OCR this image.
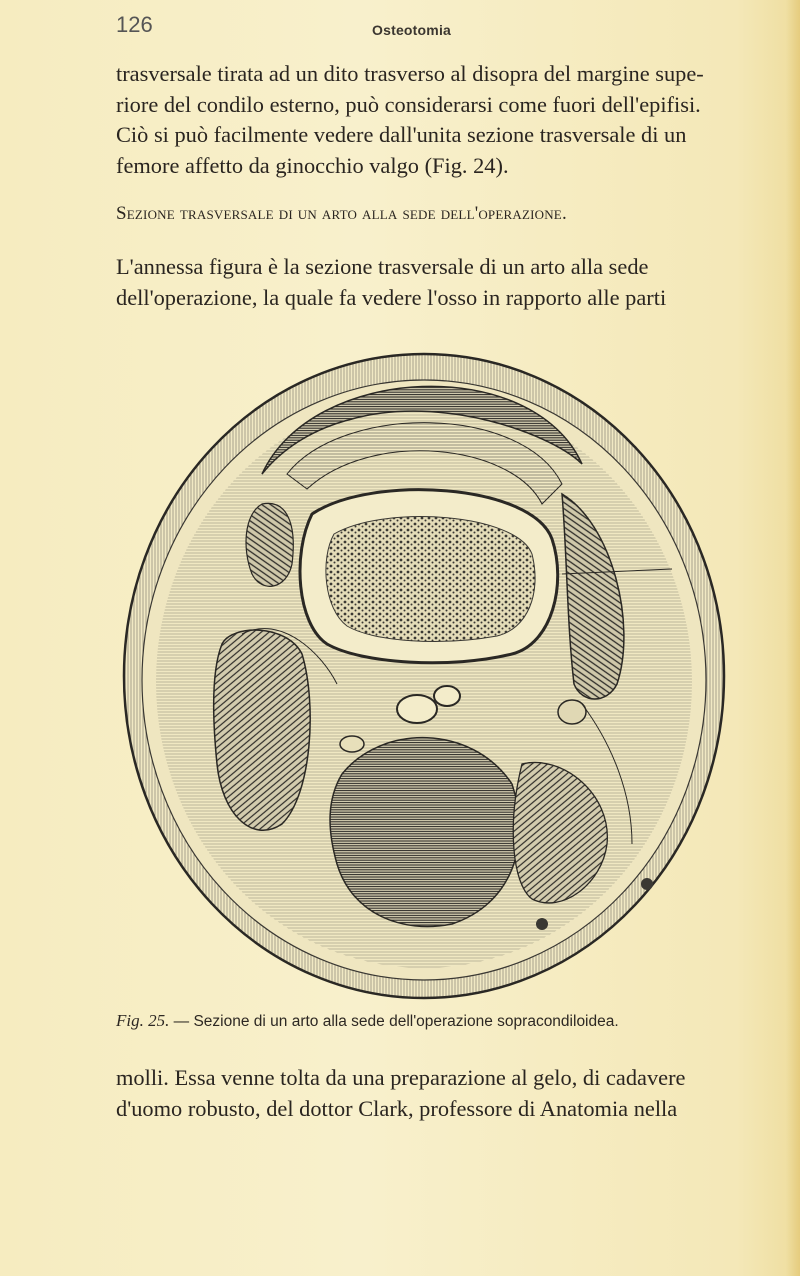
126	Osteotomia

trasversale tirata ad un dito trasverso al disopra del margine supe-
riore del condilo esterno, può considerarsi come fuori dell'epifisi.
Ciò si può facilmente vedere dall'unita sezione trasversale di un
femore affetto da ginocchio valgo (Fig. 24).

Sezione trasversale di un arto alla sede dell'operazione.

L'annessa figura è la sezione trasversale di un arto alla sede
dell'operazione, la quale fa vedere l'osso in rapporto alle parti

Fig. 25. — Sezione di un arto alla sede dell'operazione sopracondiloidea.

molli. Essa venne tolta da una preparazione al gelo, di cadavere
d'uomo robusto, del dottor Clark, professore di Anatomia nella
